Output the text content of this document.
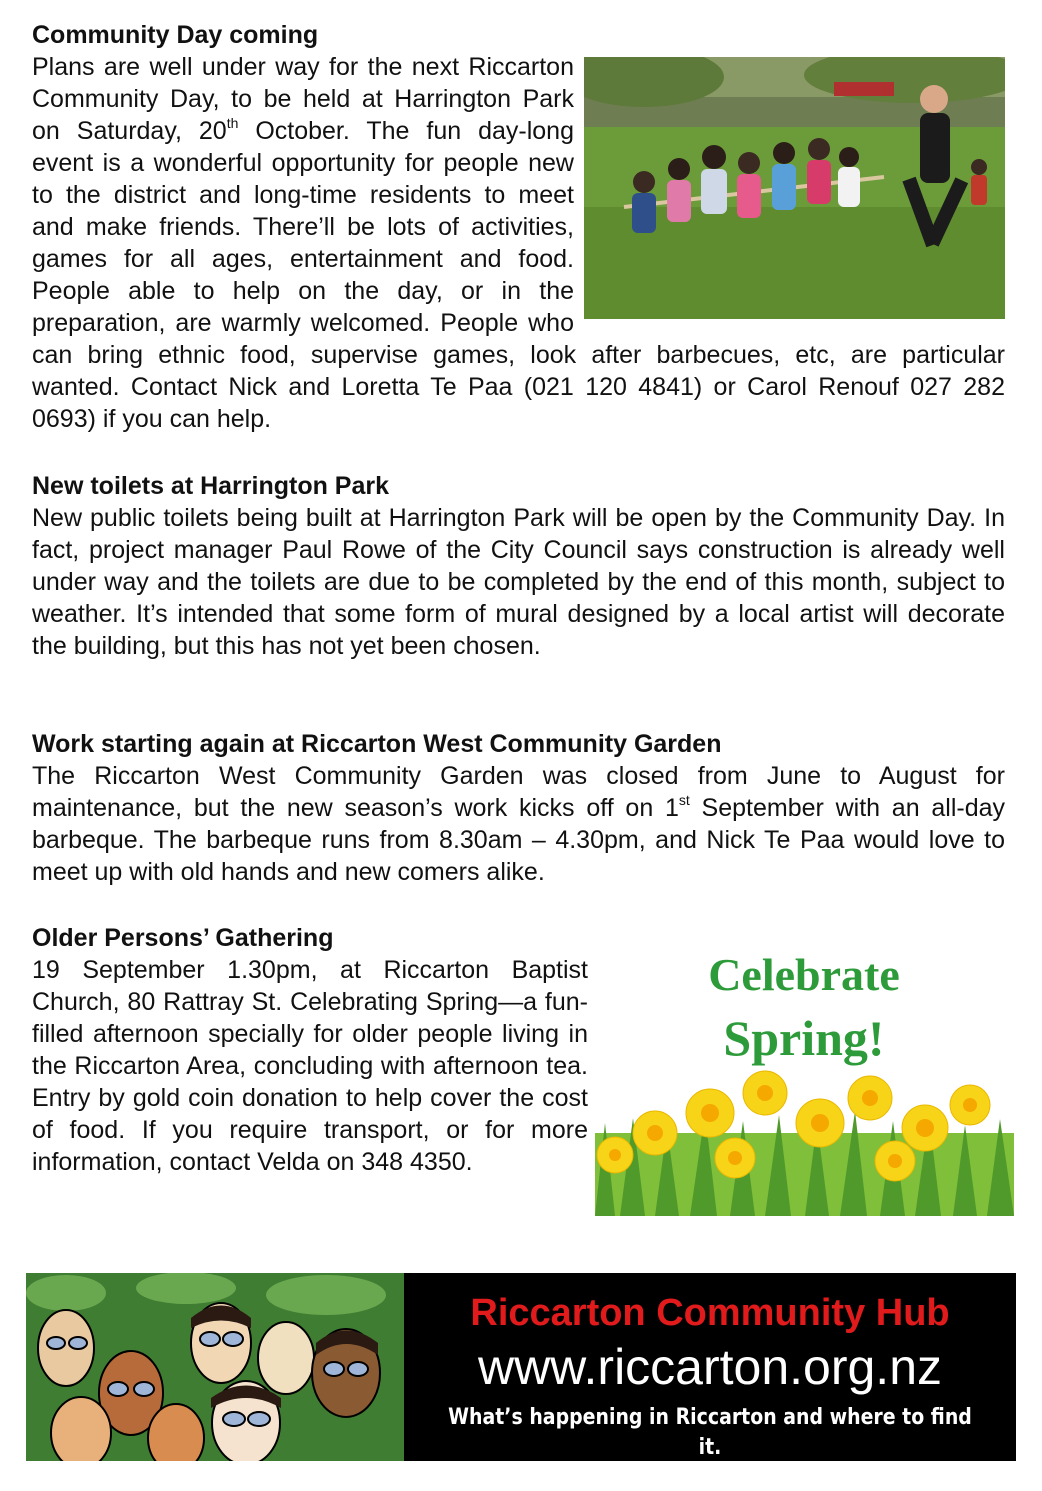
Community Day coming

Plans are well under way for the next Riccarton Community Day, to be held at Harrington Park on Saturday, 20th October. The fun day-long event is a wonderful opportunity for people new to the district and long-time residents to meet and make friends. There’ll be lots of activities, games for all ages, entertainment and food. People able to help on the day, or in the preparation, are warmly welcomed. People who can bring ethnic food, supervise games, look after barbecues, etc, are particular wanted. Contact Nick and Loretta Te Paa (021 120 4841) or Carol Renouf 027 282 0693) if you can help.

New toilets at Harrington Park

New public toilets being built at Harrington Park will be open by the Community Day. In fact, project manager Paul Rowe of the City Council says construction is already well under way and the toilets are due to be completed by the end of this month, subject to weather. It’s intended that some form of mural designed by a local artist will decorate the building, but this has not yet been chosen.

Work starting again at Riccarton West Community Garden

The Riccarton West Community Garden was closed from June to August for maintenance, but the new season’s work kicks off on 1st September with an all-day barbeque. The barbeque runs from 8.30am – 4.30pm, and Nick Te Paa would love to meet up with old hands and new comers alike.

Older Persons’ Gathering

19 September 1.30pm, at Riccarton Baptist Church, 80 Rattray St. Celebrating Spring—a fun-filled afternoon specially for older people living in the Riccarton Area, concluding with afternoon tea. Entry by gold coin donation to help cover the cost of food. If you require transport, or for more information, contact Velda on 348 4350.

Celebrate
Spring!
Riccarton Community Hub
www.riccarton.org.nz
What’s happening in Riccarton and where to find it.
